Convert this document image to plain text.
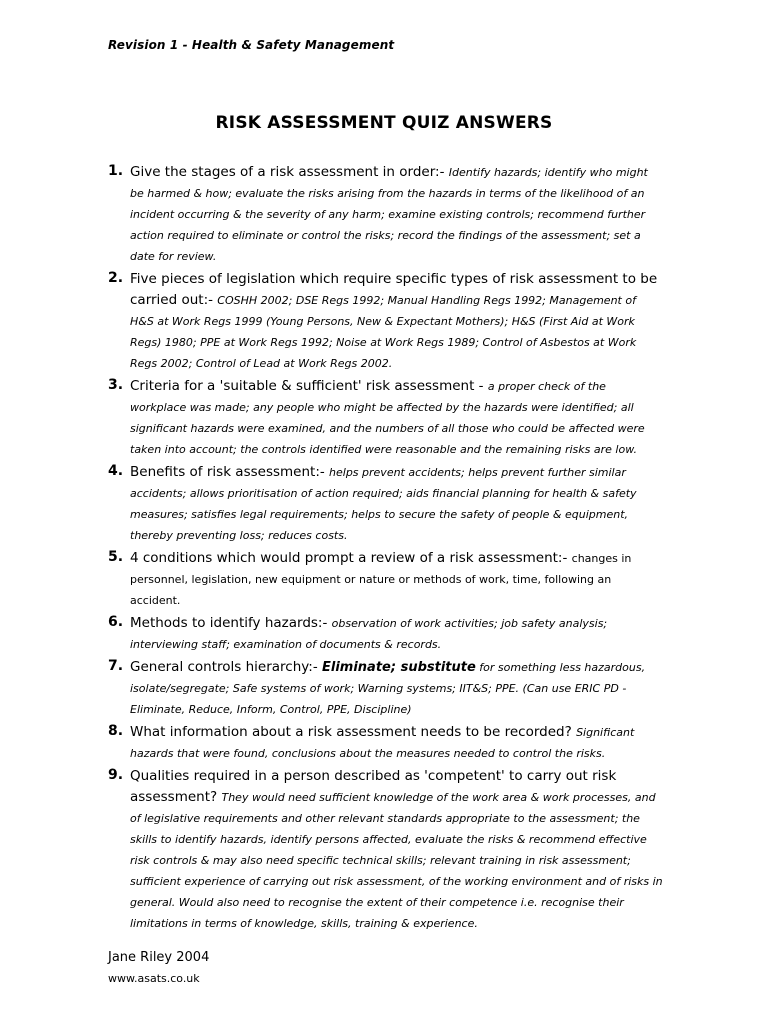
Revision 1 - Health & Safety Management
RISK ASSESSMENT QUIZ ANSWERS
1. Give the stages of a risk assessment in order:- Identify hazards; identify who might be harmed & how; evaluate the risks arising from the hazards in terms of the likelihood of an incident occurring & the severity of any harm; examine existing controls; recommend further action required to eliminate or control the risks; record the findings of the assessment; set a date for review.
2. Five pieces of legislation which require specific types of risk assessment to be carried out:- COSHH 2002; DSE Regs 1992; Manual Handling Regs 1992; Management of H&S at Work Regs 1999 (Young Persons, New & Expectant Mothers); H&S (First Aid at Work Regs) 1980; PPE at Work Regs 1992; Noise at Work Regs 1989; Control of Asbestos at Work Regs 2002; Control of Lead at Work Regs 2002.
3. Criteria for a 'suitable & sufficient' risk assessment - a proper check of the workplace was made; any people who might be affected by the hazards were identified; all significant hazards were examined, and the numbers of all those who could be affected were taken into account; the controls identified were reasonable and the remaining risks are low.
4. Benefits of risk assessment:- helps prevent accidents; helps prevent further similar accidents; allows prioritisation of action required; aids financial planning for health & safety measures; satisfies legal requirements; helps to secure the safety of people & equipment, thereby preventing loss; reduces costs.
5. 4 conditions which would prompt a review of a risk assessment:- changes in personnel, legislation, new equipment or nature or methods of work, time, following an accident.
6. Methods to identify hazards:- observation of work activities; job safety analysis; interviewing staff; examination of documents & records.
7. General controls hierarchy:- Eliminate; substitute for something less hazardous, isolate/segregate; Safe systems of work; Warning systems; IIT&S; PPE. (Can use ERIC PD - Eliminate, Reduce, Inform, Control, PPE, Discipline)
8. What information about a risk assessment needs to be recorded? Significant hazards that were found, conclusions about the measures needed to control the risks.
9. Qualities required in a person described as 'competent' to carry out risk assessment? They would need sufficient knowledge of the work area & work processes, and of legislative requirements and other relevant standards appropriate to the assessment; the skills to identify hazards, identify persons affected, evaluate the risks & recommend effective risk controls & may also need specific technical skills; relevant training in risk assessment; sufficient experience of carrying out risk assessment, of the working environment and of risks in general. Would also need to recognise the extent of their competence i.e. recognise their limitations in terms of knowledge, skills, training & experience.
Jane Riley 2004
www.asats.co.uk
